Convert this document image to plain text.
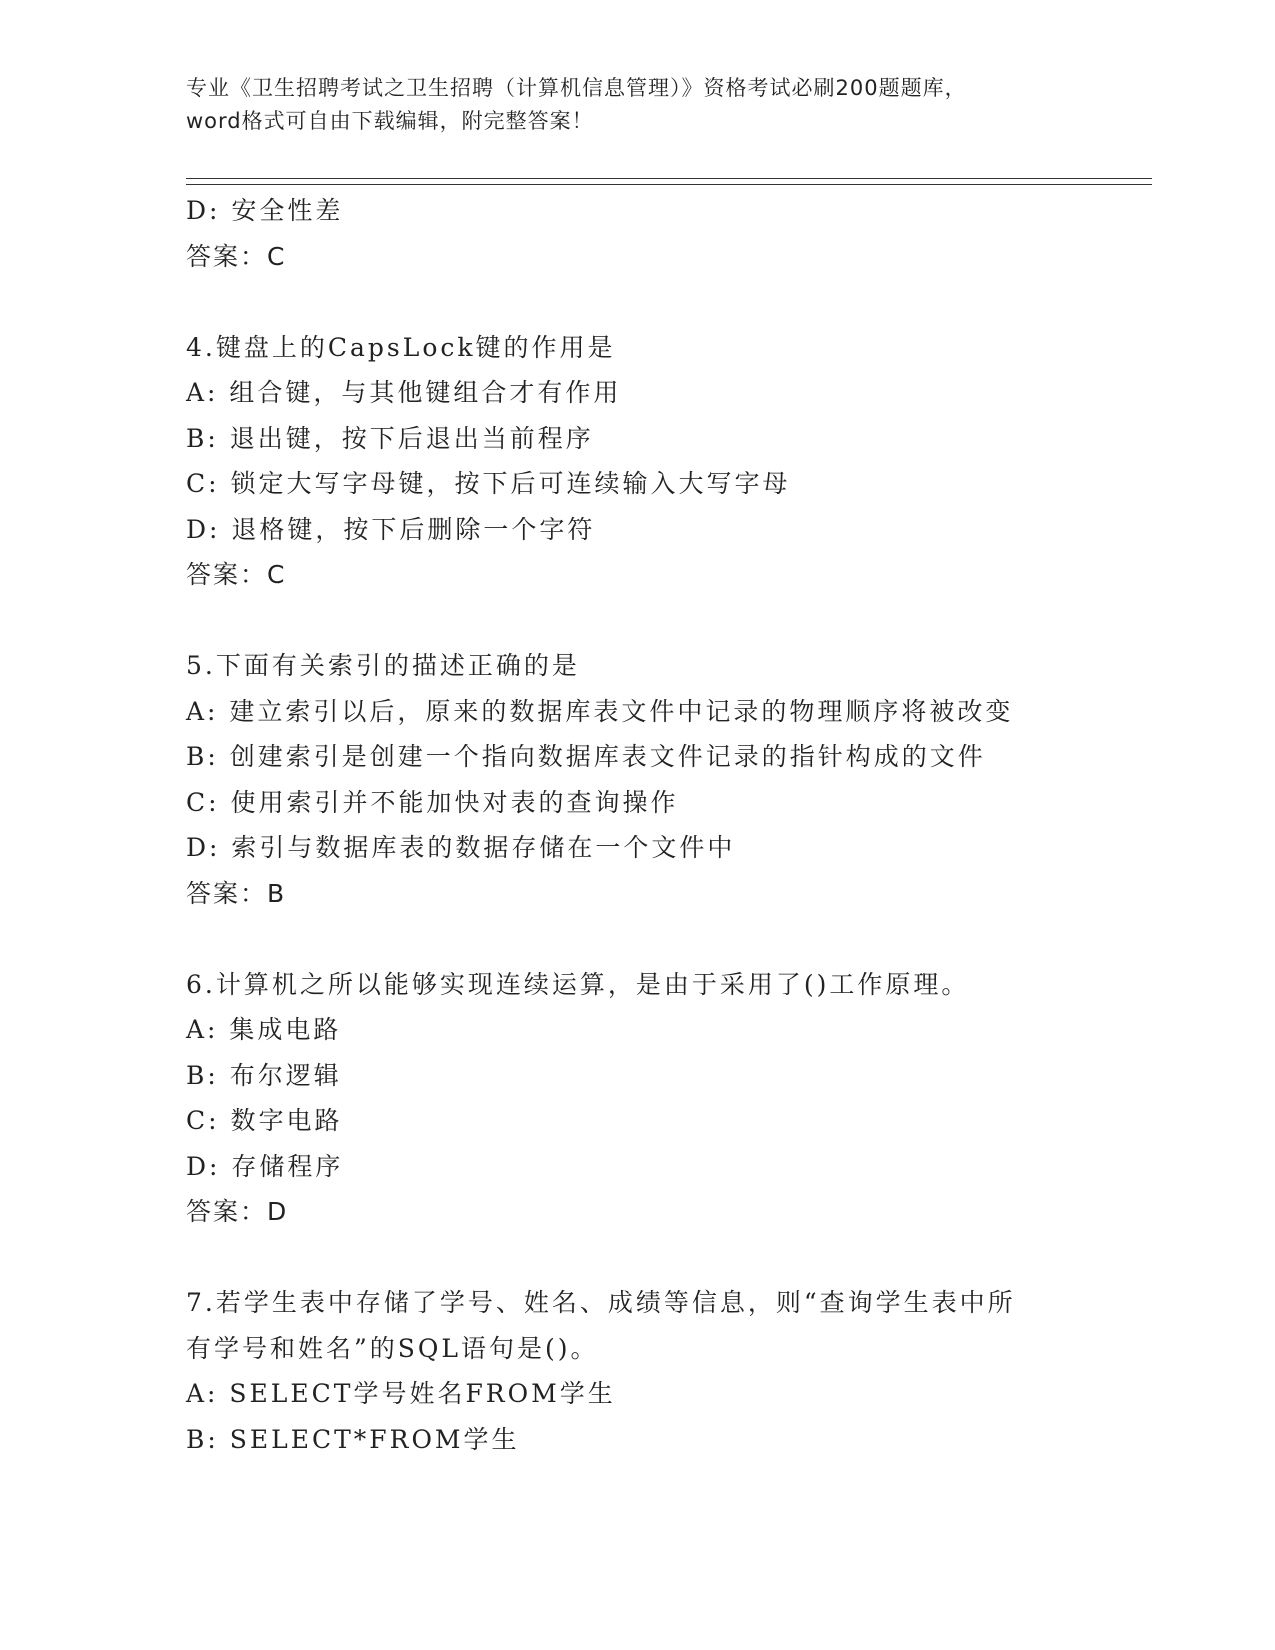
专业《卫生招聘考试之卫生招聘（计算机信息管理）》资格考试必刷200题题库，
word格式可自由下载编辑，附完整答案！
D: 安全性差
答案：C
4.键盘上的CapsLock键的作用是
A: 组合键，与其他键组合才有作用
B: 退出键，按下后退出当前程序
C: 锁定大写字母键，按下后可连续输入大写字母
D: 退格键，按下后删除一个字符
答案：C
5.下面有关索引的描述正确的是
A: 建立索引以后，原来的数据库表文件中记录的物理顺序将被改变
B: 创建索引是创建一个指向数据库表文件记录的指针构成的文件
C: 使用索引并不能加快对表的查询操作
D: 索引与数据库表的数据存储在一个文件中
答案：B
6.计算机之所以能够实现连续运算，是由于采用了()工作原理。
A: 集成电路
B: 布尔逻辑
C: 数字电路
D: 存储程序
答案：D
7.若学生表中存储了学号、姓名、成绩等信息，则“查询学生表中所
有学号和姓名”的SQL语句是()。
A: SELECT学号姓名FROM学生
B: SELECT*FROM学生
